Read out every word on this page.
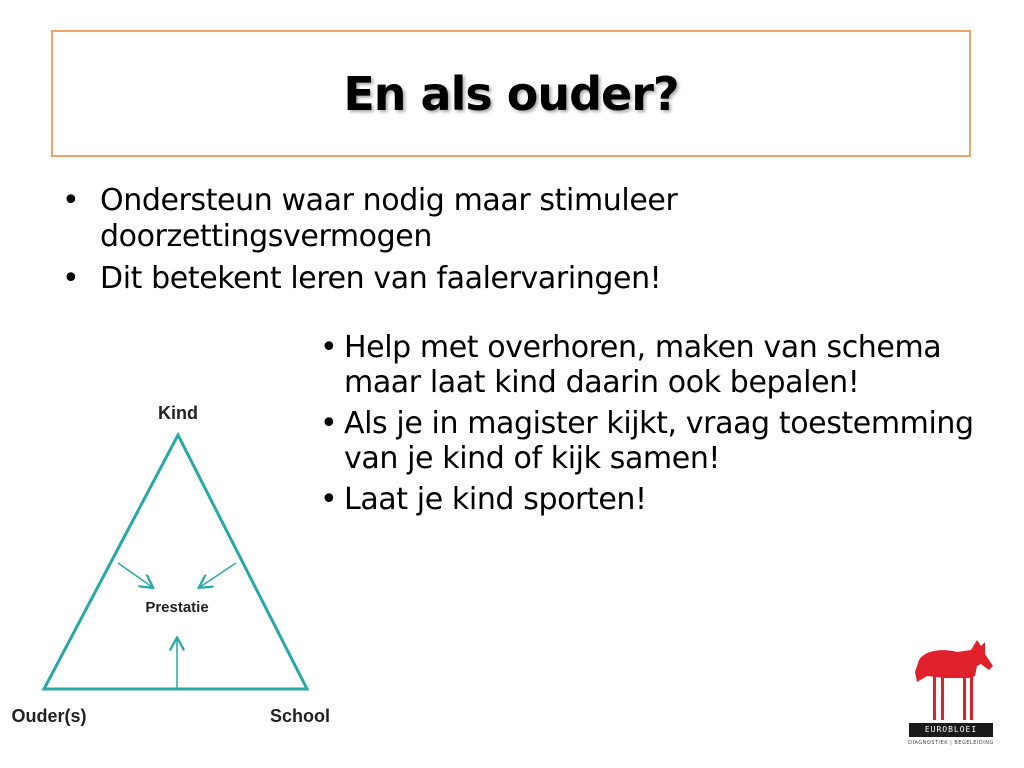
En als ouder?
• Ondersteun waar nodig maar stimuleer doorzettingsvermogen
• Dit betekent leren van faalervaringen!
• Help met overhoren, maken van schema maar laat kind daarin ook bepalen!
• Als je in magister kijkt, vraag toestemming van je kind of kijk samen!
• Laat je kind sporten!
Kind
Prestatie
Ouder(s)	School
EUROBLOEI
DIAGNOSTIEK | BEGELEIDING
